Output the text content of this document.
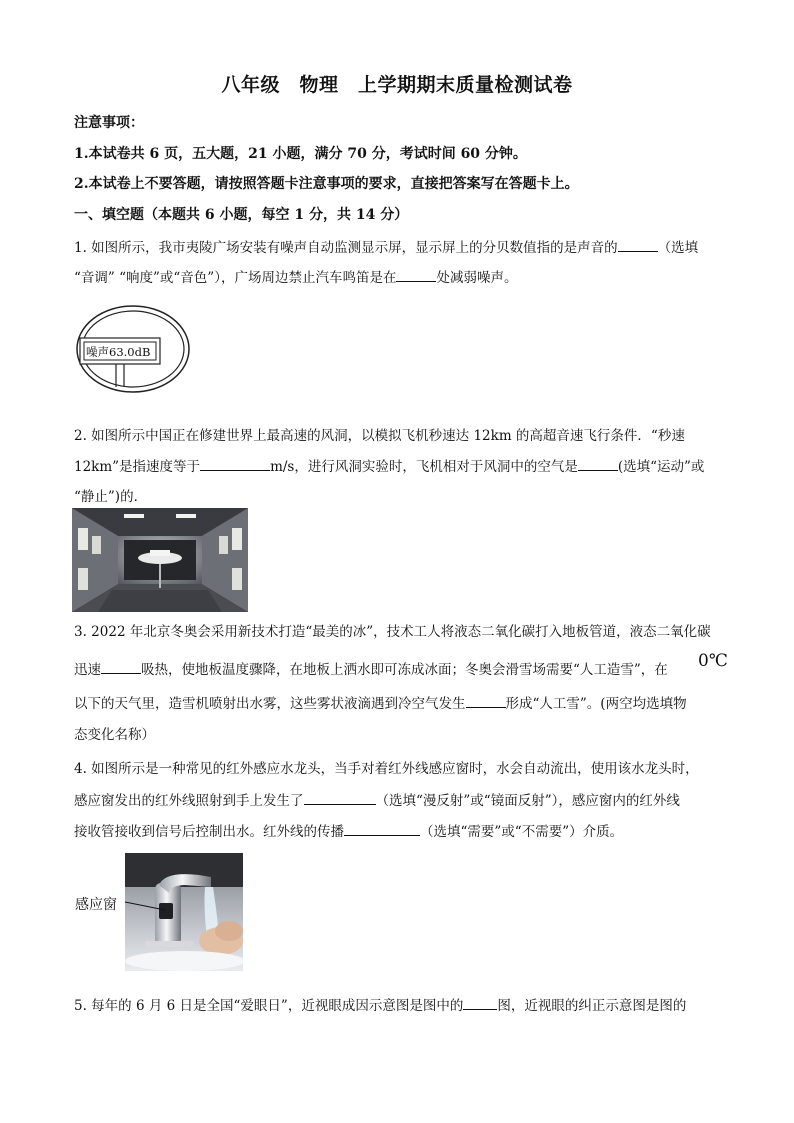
八年级　物理　上学期期末质量检测试卷
注意事项：
1.本试卷共 6 页，五大题，21 小题，满分 70 分，考试时间 60 分钟。
2.本试卷上不要答题，请按照答题卡注意事项的要求，直接把答案写在答题卡上。
一、填空题（本题共 6 小题，每空 1 分，共 14 分）
1. 如图所示，我市夷陵广场安装有噪声自动监测显示屏，显示屏上的分贝数值指的是声音的	（选填
“音调” “响度”或“音色”），广场周边禁止汽车鸣笛是在	处减弱噪声。
噪声63.0dB
2. 如图所示中国正在修建世界上最高速的风洞，以模拟飞机秒速达 12km 的高超音速飞行条件．“秒速
12km”是指速度等于	m/s，进行风洞实验时，飞机相对于风洞中的空气是	(选填“运动”或
“静止”)的．
3. 2022 年北京冬奥会采用新技术打造“最美的冰”，技术工人将液态二氧化碳打入地板管道，液态二氧化碳
迅速	吸热，使地板温度骤降，在地板上洒水即可冻成冰面；冬奥会滑雪场需要“人工造雪”，在 0℃
以下的天气里，造雪机喷射出水雾，这些雾状液滴遇到冷空气发生	形成“人工雪”。(两空均选填物
态变化名称）
4. 如图所示是一种常见的红外感应水龙头，当手对着红外线感应窗时，水会自动流出，使用该水龙头时，
感应窗发出的红外线照射到手上发生了	（选填“漫反射”或“镜面反射”），感应窗内的红外线
接收管接收到信号后控制出水。红外线的传播	（选填“需要”或“不需要”）介质。
感应窗
5. 每年的 6 月 6 日是全国“爱眼日”，近视眼成因示意图是图中的	图，近视眼的纠正示意图是图的
